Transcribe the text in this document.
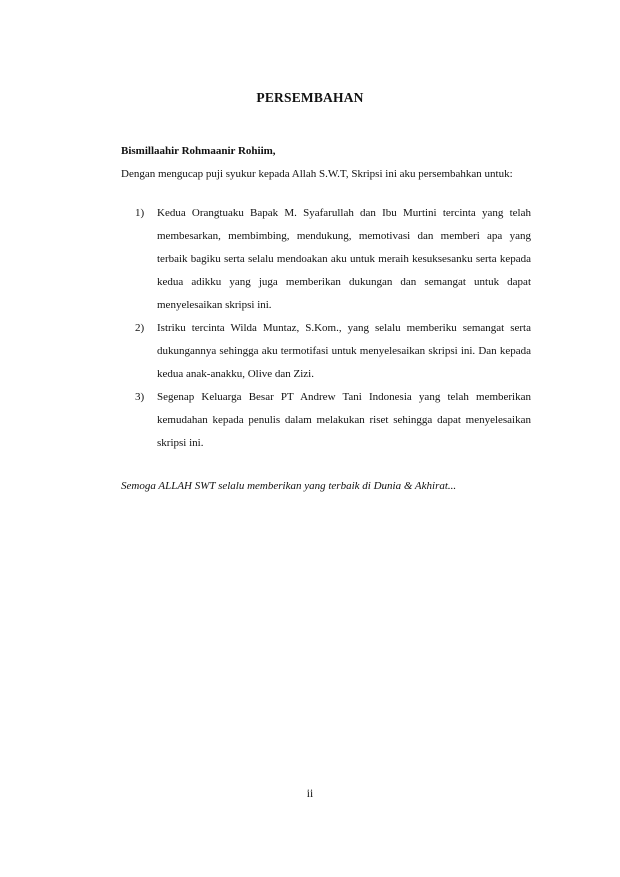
PERSEMBAHAN

Bismillaahir Rohmaanir Rohiim,

Dengan mengucap puji syukur kepada Allah S.W.T, Skripsi ini aku persembahkan untuk:

1) Kedua Orangtuaku Bapak M. Syafarullah dan Ibu Murtini tercinta yang telah membesarkan, membimbing, mendukung, memotivasi dan memberi apa yang terbaik bagiku serta selalu mendoakan aku untuk meraih kesuksesanku serta kepada kedua adikku yang juga memberikan dukungan dan semangat untuk dapat menyelesaikan skripsi ini.
2) Istriku tercinta Wilda Muntaz, S.Kom., yang selalu memberiku semangat serta dukungannya sehingga aku termotifasi untuk menyelesaikan skripsi ini. Dan kepada kedua anak-anakku, Olive dan Zizi.
3) Segenap Keluarga Besar PT Andrew Tani Indonesia yang telah memberikan kemudahan kepada penulis dalam melakukan riset sehingga dapat menyelesaikan skripsi ini.

Semoga ALLAH SWT selalu memberikan yang terbaik di Dunia & Akhirat...

ii
